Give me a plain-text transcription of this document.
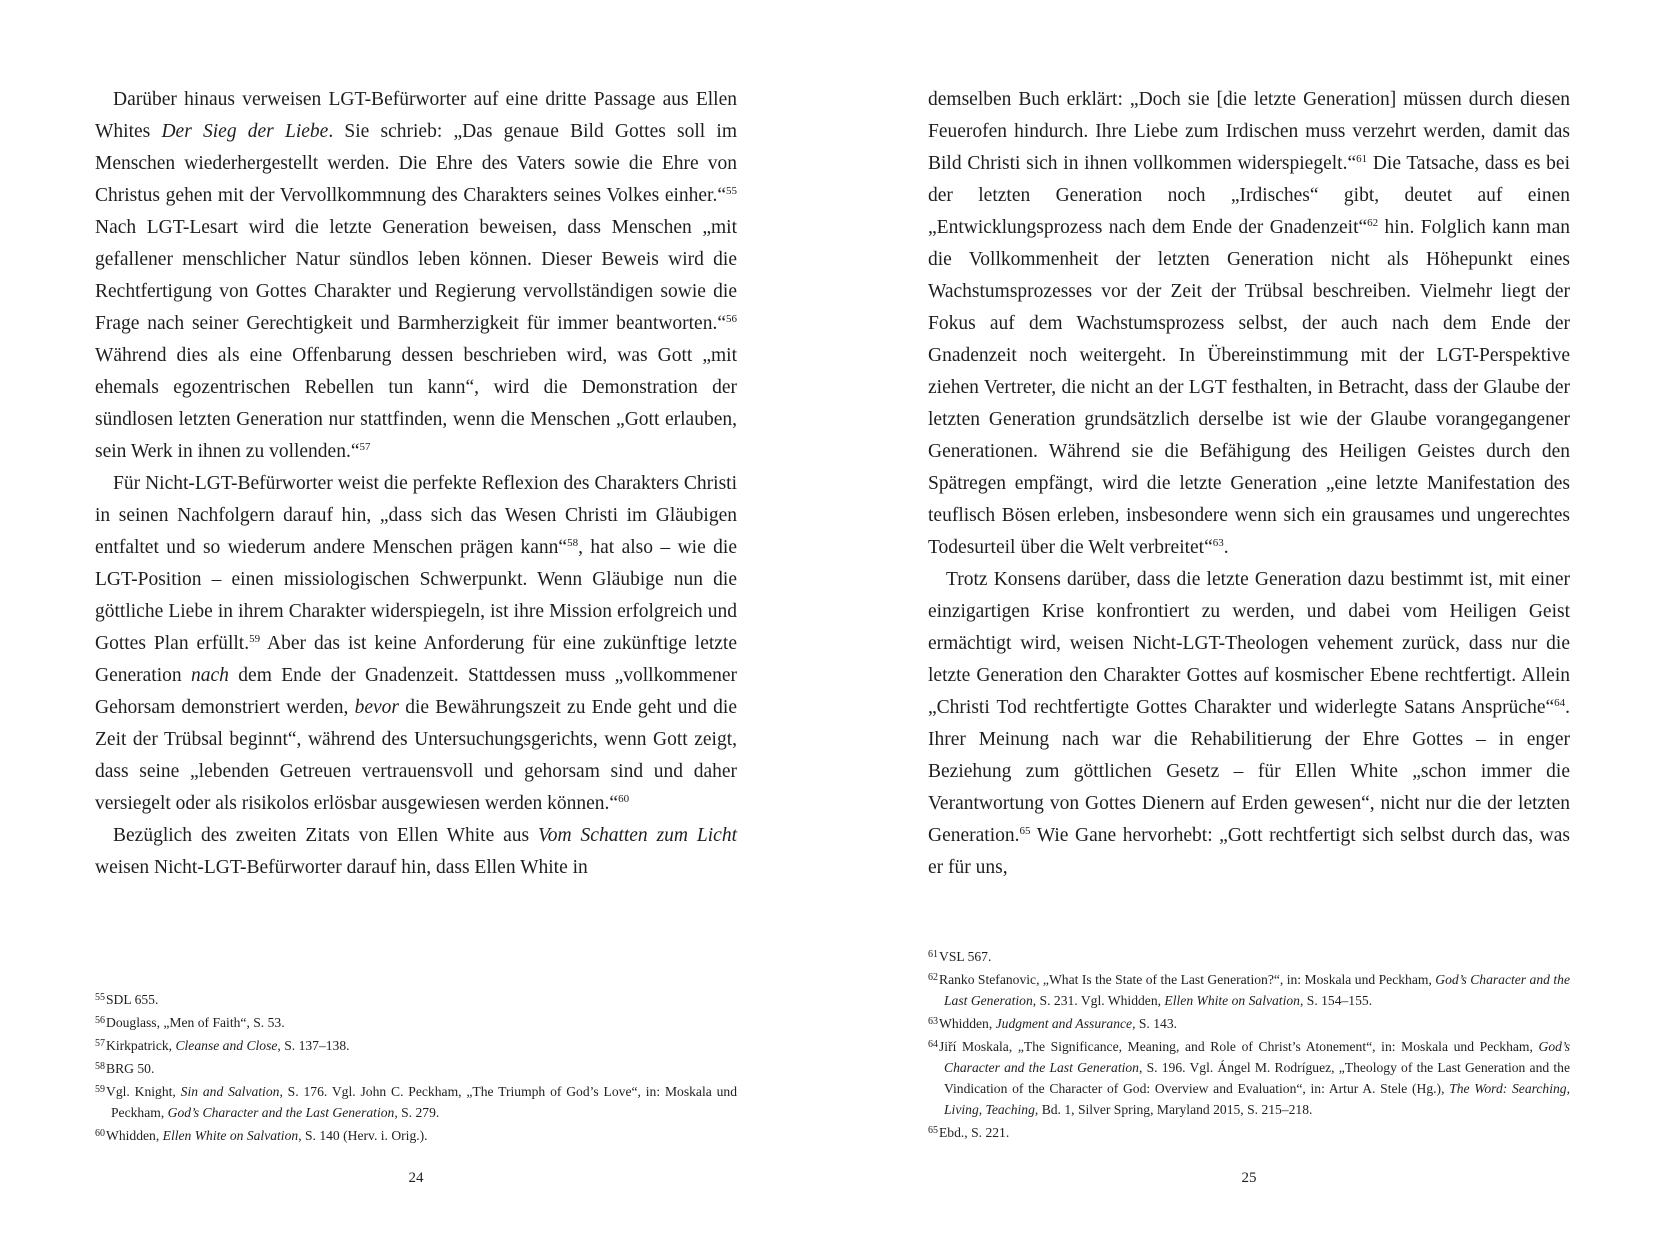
Darüber hinaus verweisen LGT-Befürworter auf eine dritte Passage aus Ellen Whites Der Sieg der Liebe. Sie schrieb: „Das genaue Bild Gottes soll im Menschen wiederhergestellt werden. Die Ehre des Vaters sowie die Ehre von Christus gehen mit der Vervollkommnung des Charakters seines Volkes einher.“$^{55}$ Nach LGT-Lesart wird die letzte Generation beweisen, dass Menschen „mit gefallener menschlicher Natur sündlos leben können. Dieser Beweis wird die Rechtfertigung von Gottes Charakter und Regierung vervollständigen sowie die Frage nach seiner Gerechtigkeit und Barmherzigkeit für immer beantworten.“$^{56}$ Während dies als eine Offenbarung dessen beschrieben wird, was Gott „mit ehemals egozentrischen Rebellen tun kann“, wird die Demonstration der sündlosen letzten Generation nur stattfinden, wenn die Menschen „Gott erlauben, sein Werk in ihnen zu vollenden.“$^{57}$

Für Nicht-LGT-Befürworter weist die perfekte Reflexion des Charakters Christi in seinen Nachfolgern darauf hin, „dass sich das Wesen Christi im Gläubigen entfaltet und so wiederum andere Menschen prägen kann“$^{58}$, hat also – wie die LGT-Position – einen missiologischen Schwerpunkt. Wenn Gläubige nun die göttliche Liebe in ihrem Charakter widerspiegeln, ist ihre Mission erfolgreich und Gottes Plan erfüllt.$^{59}$ Aber das ist keine Anforderung für eine zukünftige letzte Generation nach dem Ende der Gnadenzeit. Stattdessen muss „vollkommener Gehorsam demonstriert werden, bevor die Bewährungszeit zu Ende geht und die Zeit der Trübsal beginnt“, während des Untersuchungsgerichts, wenn Gott zeigt, dass seine „lebenden Getreuen vertrauensvoll und gehorsam sind und daher versiegelt oder als risikolos erlösbar ausgewiesen werden können.“$^{60}$

Bezüglich des zweiten Zitats von Ellen White aus Vom Schatten zum Licht weisen Nicht-LGT-Befürworter darauf hin, dass Ellen White in

$^{55}$SDL 655.
$^{56}$Douglass, „Men of Faith“, S. 53.
$^{57}$Kirkpatrick, Cleanse and Close, S. 137–138.
$^{58}$BRG 50.
$^{59}$Vgl. Knight, Sin and Salvation, S. 176. Vgl. John C. Peckham, „The Triumph of God’s Love“, in: Moskala und Peckham, God’s Character and the Last Generation, S. 279.
$^{60}$Whidden, Ellen White on Salvation, S. 140 (Herv. i. Orig.).
24

demselben Buch erklärt: „Doch sie [die letzte Generation] müssen durch diesen Feuerofen hindurch. Ihre Liebe zum Irdischen muss verzehrt werden, damit das Bild Christi sich in ihnen vollkommen widerspiegelt.“$^{61}$ Die Tatsache, dass es bei der letzten Generation noch „Irdisches“ gibt, deutet auf einen „Entwicklungsprozess nach dem Ende der Gnadenzeit“$^{62}$ hin. Folglich kann man die Vollkommenheit der letzten Generation nicht als Höhepunkt eines Wachstumsprozesses vor der Zeit der Trübsal beschreiben. Vielmehr liegt der Fokus auf dem Wachstumsprozess selbst, der auch nach dem Ende der Gnadenzeit noch weitergeht. In Übereinstimmung mit der LGT-Perspektive ziehen Vertreter, die nicht an der LGT festhalten, in Betracht, dass der Glaube der letzten Generation grundsätzlich derselbe ist wie der Glaube vorangegangener Generationen. Während sie die Befähigung des Heiligen Geistes durch den Spätregen empfängt, wird die letzte Generation „eine letzte Manifestation des teuflisch Bösen erleben, insbesondere wenn sich ein grausames und ungerechtes Todesurteil über die Welt verbreitet“$^{63}$.

Trotz Konsens darüber, dass die letzte Generation dazu bestimmt ist, mit einer einzigartigen Krise konfrontiert zu werden, und dabei vom Heiligen Geist ermächtigt wird, weisen Nicht-LGT-Theologen vehement zurück, dass nur die letzte Generation den Charakter Gottes auf kosmischer Ebene rechtfertigt. Allein „Christi Tod rechtfertigte Gottes Charakter und widerlegte Satans Ansprüche“$^{64}$. Ihrer Meinung nach war die Rehabilitierung der Ehre Gottes – in enger Beziehung zum göttlichen Gesetz – für Ellen White „schon immer die Verantwortung von Gottes Dienern auf Erden gewesen“, nicht nur die der letzten Generation.$^{65}$ Wie Gane hervorhebt: „Gott rechtfertigt sich selbst durch das, was er für uns,

$^{61}$VSL 567.
$^{62}$Ranko Stefanovic, „What Is the State of the Last Generation?“, in: Moskala und Peckham, God’s Character and the Last Generation, S. 231. Vgl. Whidden, Ellen White on Salvation, S. 154–155.
$^{63}$Whidden, Judgment and Assurance, S. 143.
$^{64}$Jiří Moskala, „The Significance, Meaning, and Role of Christ’s Atonement“, in: Moskala und Peckham, God’s Character and the Last Generation, S. 196. Vgl. Ángel M. Rodríguez, „Theology of the Last Generation and the Vindication of the Character of God: Overview and Evaluation“, in: Artur A. Stele (Hg.), The Word: Searching, Living, Teaching, Bd. 1, Silver Spring, Maryland 2015, S. 215–218.
$^{65}$Ebd., S. 221.
25
